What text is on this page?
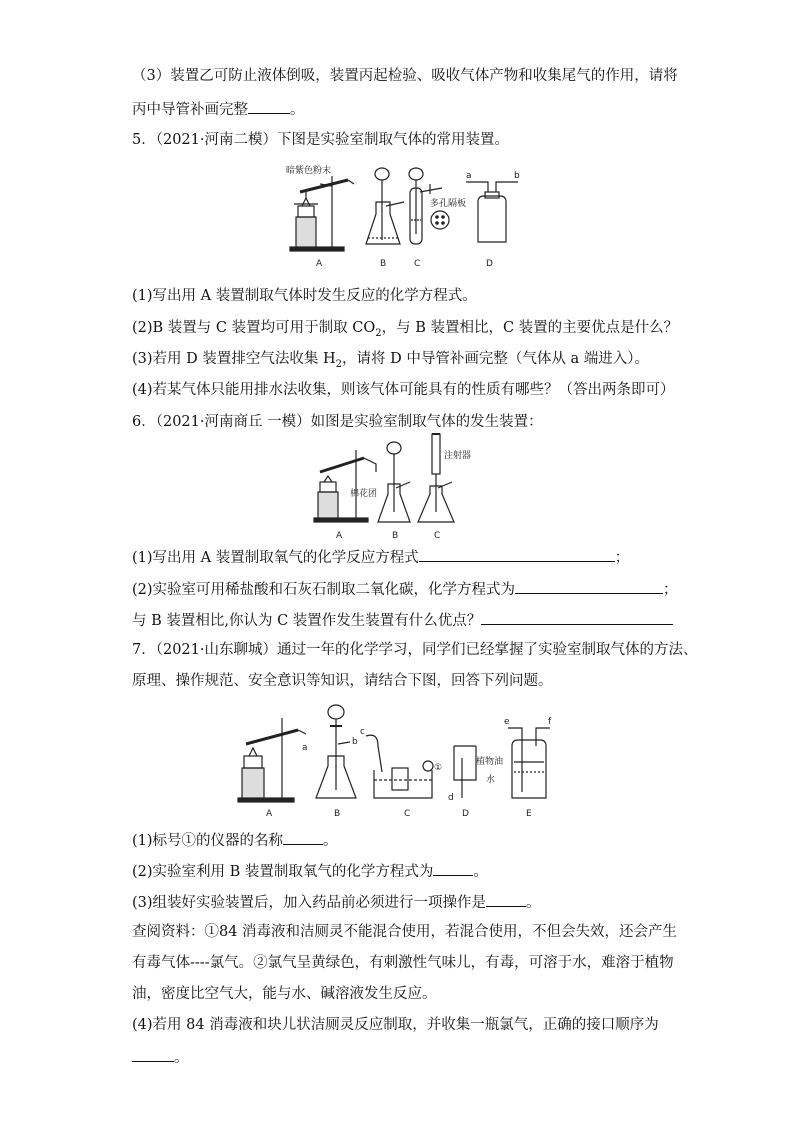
（3）装置乙可防止液体倒吸，装置丙起检验、吸收气体产物和收集尾气的作用，请将
丙中导管补画完整	。
5．（2021·河南二模）下图是实验室制取气体的常用装置。
暗紫色粉末
多孔隔板
a	b
A	B	C	D
(1)写出用 A 装置制取气体时发生反应的化学方程式。
(2)B 装置与 C 装置均可用于制取 $CO_2$，与 B 装置相比，C 装置的主要优点是什么？
(3)若用 D 装置排空气法收集 $H_2$，请将 D 中导管补画完整（气体从 a 端进入）。
(4)若某气体只能用排水法收集，则该气体可能具有的性质有哪些？（答出两条即可）
6．（2021·河南商丘 一模）如图是实验室制取气体的发生装置：
棉花团
注射器
A	B	C
(1)写出用 A 装置制取氧气的化学反应方程式	；
(2)实验室可用稀盐酸和石灰石制取二氧化碳，化学方程式为	；
与 B 装置相比,你认为 C 装置作发生装置有什么优点？
7．（2021·山东聊城）通过一年的化学学习，同学们已经掌握了实验室制取气体的方法、
原理、操作规范、安全意识等知识，请结合下图，回答下列问题。
a
b
c
①
d
e	f
植物油
水
A	B	C	D	E
(1)标号①的仪器的名称	。
(2)实验室利用 B 装置制取氧气的化学方程式为	。
(3)组装好实验装置后，加入药品前必须进行一项操作是	。
查阅资料：①84 消毒液和洁厕灵不能混合使用，若混合使用，不但会失效，还会产生
有毒气体----氯气。②氯气呈黄绿色，有刺激性气味儿，有毒，可溶于水，难溶于植物
油，密度比空气大，能与水、碱溶液发生反应。
(4)若用 84 消毒液和块儿状洁厕灵反应制取，并收集一瓶氯气，正确的接口顺序为
。
